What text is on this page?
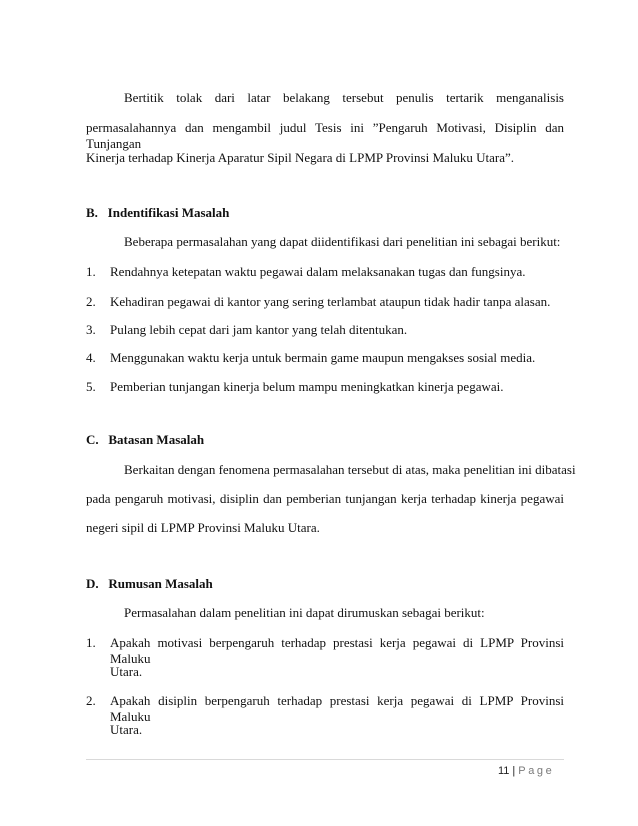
Bertitik tolak dari latar belakang tersebut penulis tertarik menganalisis
permasalahannya dan mengambil judul Tesis ini ”Pengaruh Motivasi, Disiplin dan Tunjangan
Kinerja terhadap Kinerja Aparatur Sipil Negara di LPMP Provinsi Maluku Utara”.
B.   Indentifikasi Masalah
Beberapa permasalahan yang dapat diidentifikasi dari penelitian ini sebagai berikut:
1. Rendahnya ketepatan waktu pegawai dalam melaksanakan tugas dan fungsinya.
2. Kehadiran pegawai di kantor yang sering terlambat ataupun tidak hadir tanpa alasan.
3. Pulang lebih cepat dari jam kantor yang telah ditentukan.
4. Menggunakan waktu kerja untuk bermain game maupun mengakses sosial media.
5. Pemberian tunjangan kinerja belum mampu meningkatkan kinerja pegawai.
C.   Batasan Masalah
Berkaitan dengan fenomena permasalahan tersebut di atas, maka penelitian ini dibatasi
pada pengaruh motivasi, disiplin dan pemberian tunjangan kerja terhadap kinerja pegawai
negeri sipil di LPMP Provinsi Maluku Utara.
D.   Rumusan Masalah
Permasalahan dalam penelitian ini dapat dirumuskan sebagai berikut:
1. Apakah motivasi berpengaruh terhadap prestasi kerja pegawai di LPMP Provinsi Maluku
Utara.
2. Apakah disiplin berpengaruh terhadap prestasi kerja pegawai di LPMP Provinsi Maluku
Utara.
11 | Page
